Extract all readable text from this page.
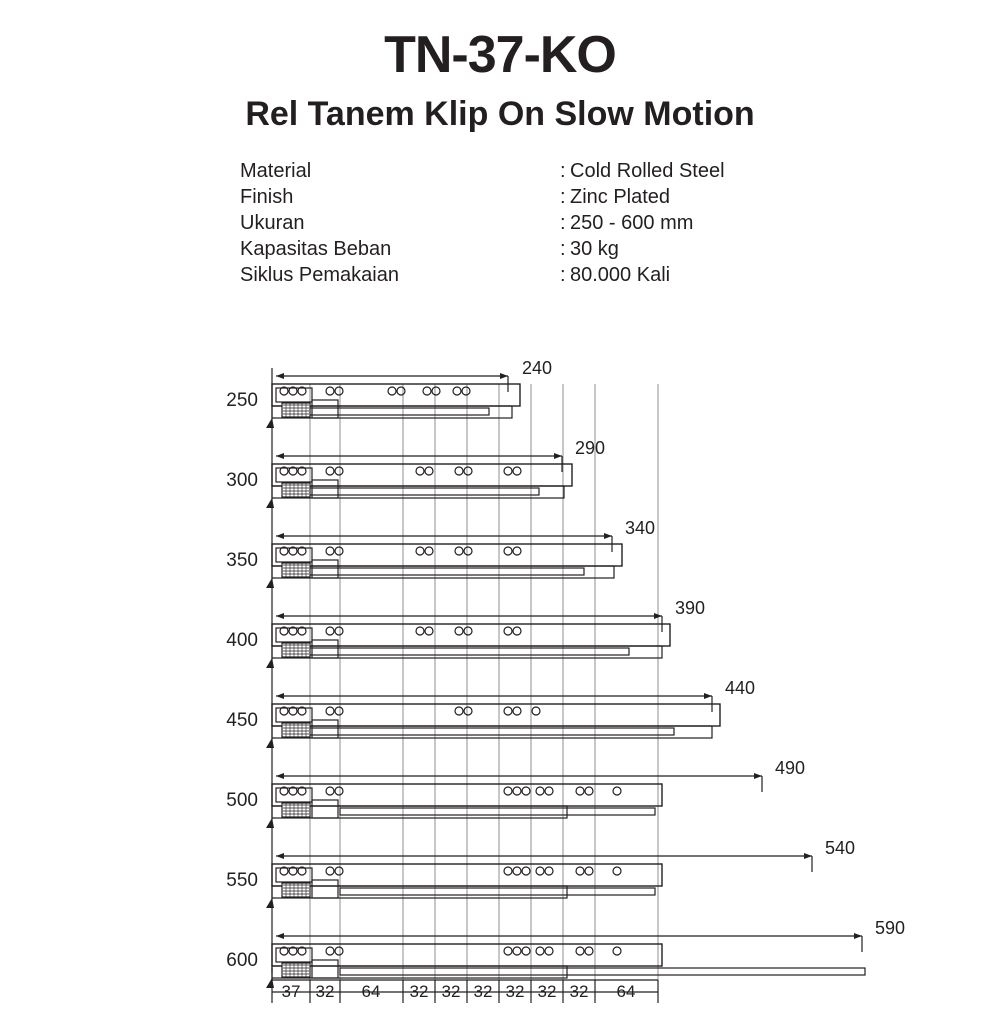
TN-37-KO
Rel Tanem Klip On Slow Motion
Material	: Cold Rolled Steel
Finish	: Zinc Plated
Ukuran	: 250 - 600 mm
Kapasitas Beban	: 30 kg
Siklus Pemakaian	: 80.000 Kali
250
300
350
400
450
500
550
600
240
290
340
390
440
490
540
590
37 32	64	32 32 32 32 32 32	64
